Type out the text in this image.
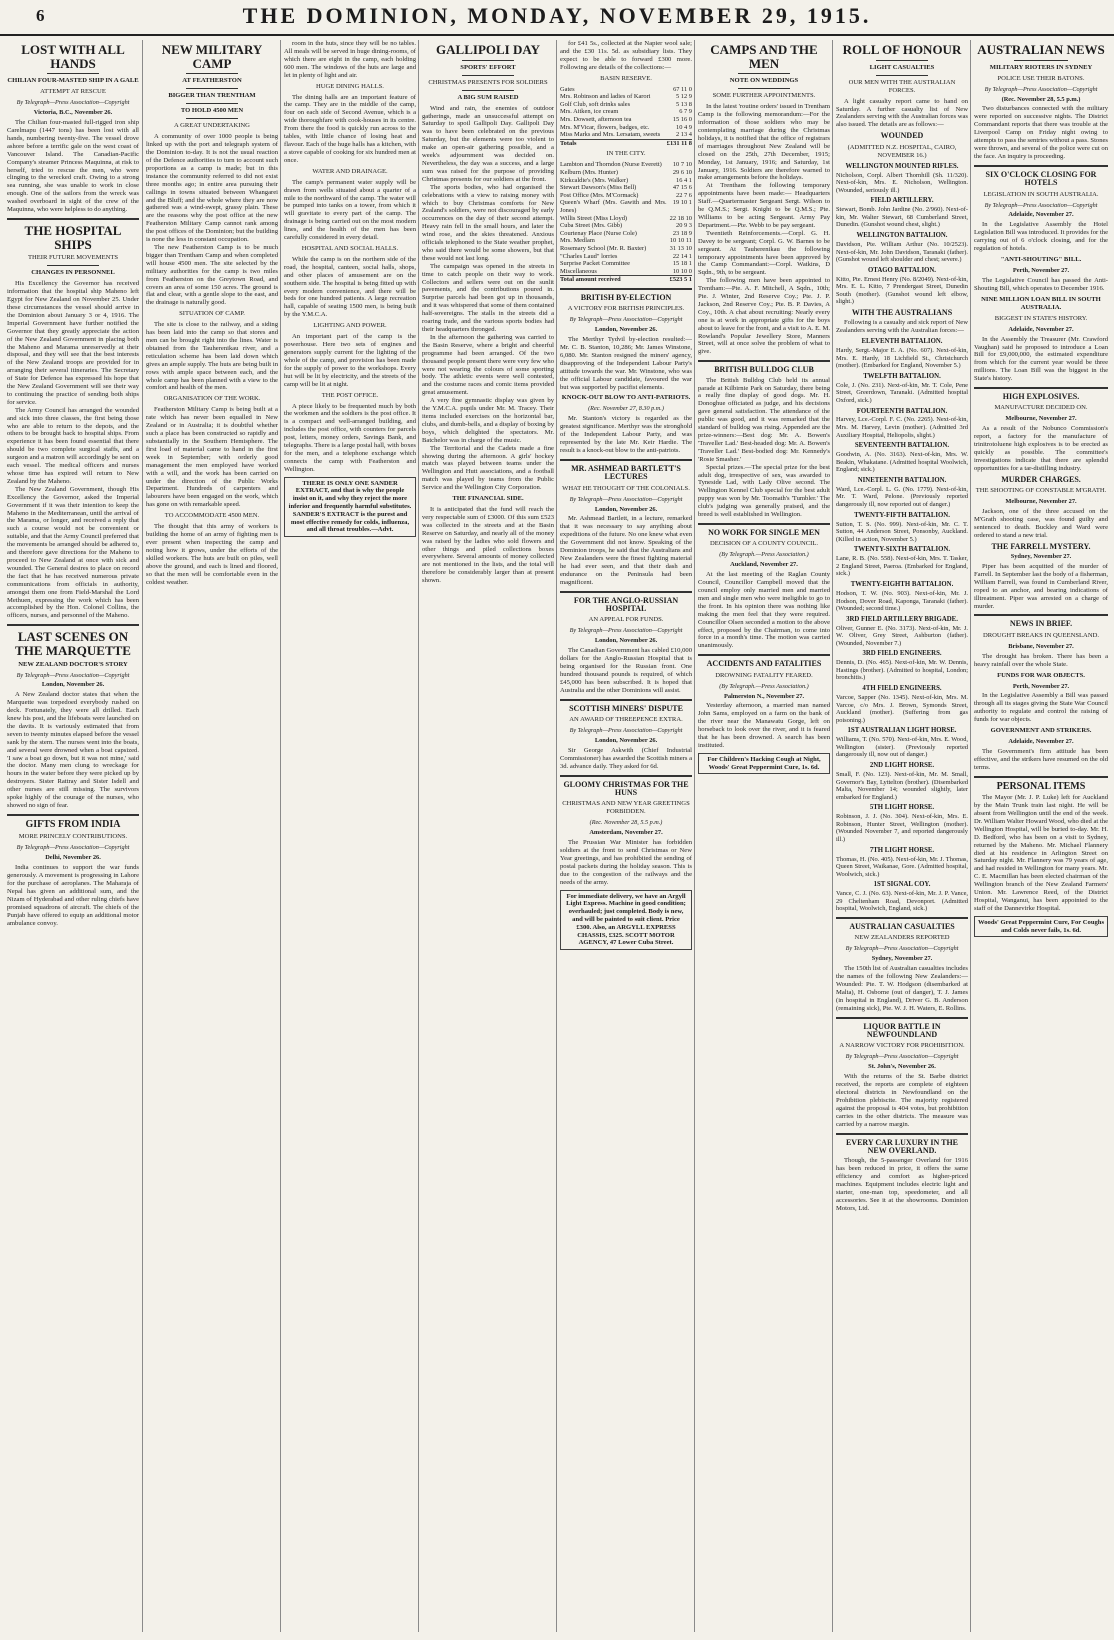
6	THE DOMINION, MONDAY, NOVEMBER 29, 1915.
LOST WITH ALL HANDS
CHILIAN FOUR-MASTED SHIP IN A GALE
ATTEMPT AT RESCUE
By Telegraph—Press Association—Copyright
Victoria, B.C., November 26.

The Chilian four-masted full-rigged iron ship Carelmapu (1447 tons) has been lost with all hands, numbering twenty-five. The vessel drove ashore before a terrific gale on the west coast of Vancouver Island. The Canadian-Pacific Company's steamer Princess Maquinna, at risk to herself, tried to rescue the men, who were clinging to the wrecked craft. Owing to a strong sea running, she was unable to work in close enough. One of the sailors from the wreck was washed overboard in sight of the crew of the Maquinna, who were helpless to do anything.

THE HOSPITAL SHIPS
THEIR FUTURE MOVEMENTS
CHANGES IN PERSONNEL

His Excellency the Governor has received information that the hospital ship Maheno left Egypt for New Zealand on November 25. Under these circumstances the vessel should arrive in the Dominion about January 3 or 4, 1916. The Imperial Government have further notified the Governor that they greatly appreciate the action of the New Zealand Government in placing both the Maheno and Marama unreservedly at their disposal, and they will see that the best interests of the New Zealand troops are provided for in arranging their several itineraries. The Secretary of State for Defence has expressed his hope that the New Zealand Government will see their way to continuing the practice of sending both ships for service.

The Army Council has arranged the wounded and sick into three classes, the first being those who are able to return to the depots, and the others to be brought back to hospital ships. From experience it has been found essential that there should be two complete surgical staffs, and a surgeon and a matron will accordingly be sent on each vessel. The medical officers and nurses whose time has expired will return to New Zealand by the Maheno.

The New Zealand Government, though His Excellency the Governor, asked the Imperial Government if it was their intention to keep the Maheno in the Mediterranean, until the arrival of the Marama, or longer, and received a reply that such a course would not be convenient or suitable, and that the Army Council preferred that the movements be arranged should be adhered to, and therefore gave directions for the Maheno to proceed to New Zealand at once with sick and wounded. The General desires to place on record the fact that he has received numerous private communications from officials in authority, amongst them one from Field-Marshal the Lord Methuen, expressing the work which has been accomplished by the Hon. Colonel Collins, the officers, nurses, and personnel of the Maheno.

LAST SCENES ON THE MARQUETTE
NEW ZEALAND DOCTOR'S STORY
By Telegraph—Press Association—Copyright
London, November 26.

A New Zealand doctor states that when the Marquette was torpedoed everybody rushed on deck. Fortunately, they were all drilled. Each knew his post, and the lifeboats were launched on the davits. It is variously estimated that from seven to twenty minutes elapsed before the vessel sank by the stern. The nurses went into the boats, and several were drowned when a boat capsized. 'I saw a boat go down, but it was not mine,' said the doctor. Many men clung to wreckage for hours in the water before they were picked up by destroyers. Sister Rattray and Sister Isdell and other nurses are still missing. The survivors spoke highly of the courage of the nurses, who showed no sign of fear.

GIFTS FROM INDIA
MORE PRINCELY CONTRIBUTIONS.
By Telegraph—Press Association—Copyright
Delhi, November 26.

India continues to support the war funds generously. A movement is progressing in Lahore for the purchase of aeroplanes. The Maharaja of Nepal has given an additional sum, and the Nizam of Hyderabad and other ruling chiefs have promised squadrons of aircraft. The chiefs of the Punjab have offered to equip an additional motor ambulance convoy.

NEW MILITARY CAMP
AT FEATHERSTON
BIGGER THAN TRENTHAM
TO HOLD 4500 MEN
A GREAT UNDERTAKING

A community of over 1000 people is being linked up with the port and telegraph system of the Dominion to-day. It is not the usual reaction of the Defence authorities to turn to account such proportions as a camp is made; but in this instance the community referred to did not exist three months ago; in entire area pursuing their callings in towns situated between Whangarei and the Bluff; and the whole where they are now gathered was a wind-swept, grassy plain. These are the reasons why the post office at the new Featherston Military Camp cannot rank among the post offices of the Dominion; but the building is none the less in constant occupation.

The new Featherston Camp is to be much bigger than Trentham Camp and when completed will house 4500 men. The site selected by the military authorities for the camp is two miles from Featherston on the Greytown Road, and covers an area of some 150 acres. The ground is flat and clear, with a gentle slope to the east, and the drainage is naturally good.

SITUATION OF CAMP.

The site is close to the railway, and a siding has been laid into the camp so that stores and men can be brought right into the lines. Water is obtained from the Tauherenikau river, and a reticulation scheme has been laid down which gives an ample supply. The huts are being built in rows with ample space between each, and the whole camp has been planned with a view to the comfort and health of the men.

ORGANISATION OF THE WORK.

Featherston Military Camp is being built at a rate which has never been equalled in New Zealand or in Australia; it is doubtful whether such a place has been constructed so rapidly and substantially in the Southern Hemisphere. The first load of material came to hand in the first week in September; with orderly good management the men employed have worked with a will, and the work has been carried on under the direction of the Public Works Department. Hundreds of carpenters and labourers have been engaged on the work, which has gone on with remarkable speed.

TO ACCOMMODATE 4500 MEN.

The thought that this army of workers is building the home of an army of fighting men is ever present when inspecting the camp and noting how it grows, under the efforts of the skilled workers. The huts are built on piles, well above the ground, and each is lined and floored, so that the men will be comfortable even in the coldest weather.

room in the huts, since they will be no tables. All meals will be served in huge dining-rooms, of which there are eight in the camp, each holding 600 men. The windows of the huts are large and let in plenty of light and air.

HUGE DINING HALLS.

The dining halls are an important feature of the camp. They are in the middle of the camp, four on each side of Second Avenue, which is a wide thoroughfare with cook-houses in its centre. From there the food is quickly run across to the tables, with little chance of losing heat and flavour. Each of the huge halls has a kitchen, with a stove capable of cooking for six hundred men at once.

WATER AND DRAINAGE.

The camp's permanent water supply will be drawn from wells situated about a quarter of a mile to the northward of the camp. The water will be pumped into tanks on a tower, from which it will gravitate to every part of the camp. The drainage is being carried out on the most modern lines, and the health of the men has been carefully considered in every detail.

HOSPITAL AND SOCIAL HALLS.

While the camp is on the northern side of the road, the hospital, canteen, social halls, shops, and other places of amusement are on the southern side. The hospital is being fitted up with every modern convenience, and there will be beds for one hundred patients. A large recreation hall, capable of seating 1500 men, is being built by the Y.M.C.A.

LIGHTING AND POWER.

An important part of the camp is the powerhouse. Here two sets of engines and generators supply current for the lighting of the whole of the camp, and provision has been made for the supply of power to the workshops. Every hut will be lit by electricity, and the streets of the camp will be lit at night.

THE POST OFFICE.

A piece likely to be frequented much by both the workmen and the soldiers is the post office. It is a compact and well-arranged building, and includes the post office, with counters for parcels post, letters, money orders, Savings Bank, and telegraphs. There is a large postal hall, with boxes for the men, and a telephone exchange which connects the camp with Featherston and Wellington.

THERE IS ONLY ONE SANDER EXTRACT, and that is why the people insist on it, and why they reject the more inferior and frequently harmful substitutes. SANDER'S EXTRACT is the purest and most effective remedy for colds, influenza, and all throat troubles.—Advt.
GALLIPOLI DAY
SPORTS' EFFORT
CHRISTMAS PRESENTS FOR SOLDIERS
A BIG SUM RAISED

Wind and rain, the enemies of outdoor gatherings, made an unsuccessful attempt on Saturday to spoil Gallipoli Day. Gallipoli Day was to have been celebrated on the previous Saturday, but the elements were too violent to make an open-air gathering possible, and a week's adjournment was decided on. Nevertheless, the day was a success, and a large sum was raised for the purpose of providing Christmas presents for our soldiers at the front.

The sports bodies, who had organised the celebrations with a view to raising money with which to buy Christmas comforts for New Zealand's soldiers, were not discouraged by early occurrences on the day of their second attempt. Heavy rain fell in the small hours, and later the wind rose, and the skies threatened. Anxious officials telephoned to the State weather prophet, who said there would be some showers, but that these would not last long.

The campaign was opened in the streets in time to catch people on their way to work. Collectors and sellers were out on the sunlit pavements, and the contributions poured in. Surprise parcels had been got up in thousands, and it was whispered that some of them contained half-sovereigns. The stalls in the streets did a roaring trade, and the various sports bodies had their headquarters thronged.

In the afternoon the gathering was carried to the Basin Reserve, where a bright and cheerful programme had been arranged. Of the two thousand people present there were very few who were not wearing the colours of some sporting body. The athletic events were well contested, and the costume races and comic items provided great amusement.

A very fine gymnastic display was given by the Y.M.C.A. pupils under Mr. M. Tracey. Their items included exercises on the horizontal bar, clubs, and dumb-bells, and a display of boxing by boys, which delighted the spectators. Mr. Batchelor was in charge of the music.

The Territorial and the Cadets made a fine showing during the afternoon. A girls' hockey match was played between teams under the Wellington and Hutt associations, and a football match was played by teams from the Public Service and the Wellington City Corporation.

THE FINANCIAL SIDE.

It is anticipated that the fund will reach the very respectable sum of £3000. Of this sum £523 was collected in the streets and at the Basin Reserve on Saturday, and nearly all of the money was raised by the ladies who sold flowers and other things and piled collections boxes everywhere. Several amounts of money collected are not mentioned in the lists, and the total will therefore be considerably larger than at present shown.

for £41 5s., collected at the Napier wool sale; and the £30 11s. 5d. as subsidiary lists. They expect to be able to forward £300 more. Following are details of the collections:—

BASIN RESERVE.
Gates	67 11 0
Mrs. Robinson and ladies of Karori	5 12 9
Golf Club, soft drinks sales	5 13 8
Mrs. Aitken, ice cream	6 7 9
Mrs. Dowsett, afternoon tea	15 16 0
Mrs. M'Vicar, flowers, badges, etc.	10 4 9
Miss Marks and Mrs. Lersatam, sweets	2 13 4
Totals	£131 11 8
IN THE CITY.
Lambton and Thorndon (Nurse Everett)	10 7 10
Kelburn (Mrs. Hunter)	29 6 10
Kirkcaldie's (Mrs. Walker)	16 4 1
Stewart Dawson's (Miss Bell)	47 15 6
Post Office (Mrs. M'Cormack)	22 7 6
Queen's Wharf (Mrs. Gawith and Mrs. Jones)	19 10 1
Willis Street (Miss Lloyd)	22 18 10
Cuba Street (Mrs. Gibb)	20 9 3
Courtenay Place (Nurse Cole)	23 18 9
Mrs. Medlam	10 10 11
Rosemary School (Mr. R. Baxter)	31 13 10
"Charles Laud" lorries	22 14 1
Surprise Packet Committee	15 18 1
Miscellaneous	10 10 0
Total amount received	£523 5 1
BRITISH BY-ELECTION
A VICTORY FOR BRITISH PRINCIPLES.
By Telegraph—Press Association—Copyright
London, November 26.

The Merthyr Tydvil by-election resulted:— Mr. C. B. Stanton, 10,286; Mr. James Winstone, 6,080. Mr. Stanton resigned the miners' agency, disapproving of the Independent Labour Party's attitude towards the war. Mr. Winstone, who was the official Labour candidate, favoured the war but was supported by pacifist elements.

KNOCK-OUT BLOW TO ANTI-PATRIOTS.
(Rec. November 27, 8.30 p.m.)

Mr. Stanton's victory is regarded as the greatest significance. Merthyr was the stronghold of the Independent Labour Party, and was represented by the late Mr. Keir Hardie. The result is a knock-out blow to the anti-patriots.

MR. ASHMEAD BARTLETT'S LECTURES
WHAT HE THOUGHT OF THE COLONIALS.
By Telegraph—Press Association—Copyright
London, November 26.

Mr. Ashmead Bartlett, in a lecture, remarked that it was necessary to say anything about expeditions of the future. No one knew what even the Government did not know. Speaking of the Dominion troops, he said that the Australians and New Zealanders were the finest fighting material he had ever seen, and that their dash and endurance on the Peninsula had been magnificent.

FOR THE ANGLO-RUSSIAN HOSPITAL
AN APPEAL FOR FUNDS.
By Telegraph—Press Association—Copyright
London, November 26.

The Canadian Government has cabled £10,000 dollars for the Anglo-Russian Hospital that is being organised for the Russian front. One hundred thousand pounds is required, of which £45,000 has been subscribed. It is hoped that Australia and the other Dominions will assist.

SCOTTISH MINERS' DISPUTE
AN AWARD OF THREEPENCE EXTRA.
By Telegraph—Press Association—Copyright
London, November 26.

Sir George Askwith (Chief Industrial Commissioner) has awarded the Scottish miners a 3d. advance daily. They asked for 6d.

GLOOMY CHRISTMAS FOR THE HUNS
CHRISTMAS AND NEW YEAR GREETINGS FORBIDDEN.
(Rec. November 28, 5.5 p.m.)
Amsterdam, November 27.

The Prussian War Minister has forbidden soldiers at the front to send Christmas or New Year greetings, and has prohibited the sending of postal packets during the holiday season. This is due to the congestion of the railways and the needs of the army.

For immediate delivery, we have an Argyll Light Express. Machine in good condition; overhauled; just completed. Body is new, and will be painted to suit client. Price £300. Also, an ARGYLL EXPRESS CHASSIS, £325. SCOTT MOTOR AGENCY, 47 Lower Cuba Street.
CAMPS AND THE MEN
NOTE ON WEDDINGS
SOME FURTHER APPOINTMENTS.

In the latest 'routine orders' issued in Trentham Camp is the following memorandum:—For the information of those soldiers who may be contemplating marriage during the Christmas holidays, it is notified that the office of registrars of marriages throughout New Zealand will be closed on the 25th, 27th December, 1915; Monday, 1st January, 1916; and Saturday, 1st January, 1916. Soldiers are therefore warned to make arrangements before the holidays.

At Trentham the following temporary appointments have been made:— Headquarters Staff.—Quartermaster Sergeant Sergt. Wilson to be Q.M.S.; Sergt. Knight to be Q.M.S.; Pte. Williams to be acting Sergeant. Army Pay Department.—Pte. Webb to be pay sergeant.

Twentieth Reinforcements.—Corpl. G. H. Davey to be sergeant; Corpl. G. W. Barnes to be sergeant. At Tauherenikau the following temporary appointments have been approved by the Camp Commandant:—Corpl. Watkins, D Sqdn., 9th, to be sergeant.

The following men have been appointed to Trentham:—Pte. A. F. Mitchell, A Sqdn., 10th; Pte. J. Winter, 2nd Reserve Coy.; Pte. J. P. Jackson, 2nd Reserve Coy.; Pte. B. P. Davies, A Coy., 10th. A chat about recruiting: Nearly every one is at work in appropriate gifts for the boys about to leave for the front, and a visit to A. E. M. Rowland's Popular Jewellery Store, Manners Street, will at once solve the problem of what to give.

BRITISH BULLDOG CLUB

The British Bulldog Club held its annual parade at Kilbirnie Park on Saturday, there being a really fine display of good dogs. Mr. H. Donoghue officiated as judge, and his decisions gave general satisfaction. The attendance of the public was good, and it was remarked that the standard of bulldog was rising. Appended are the prize-winners:—Best dog: Mr. A. Bowen's 'Traveller Lad.' Best-headed dog: Mr. A. Bowen's 'Traveller Lad.' Best-bodied dog: Mr. Kennedy's 'Rosie Smasher.'

Special prizes.—The special prize for the best adult dog, irrespective of sex, was awarded to Tyneside Lad, with Lady Olive second. The Wellington Kennel Club special for the best adult puppy was won by Mr. Toomath's 'Tumbler.' The club's judging was generally praised, and the breed is well established in Wellington.

NO WORK FOR SINGLE MEN
DECISION OF A COUNTY COUNCIL.
(By Telegraph.—Press Association.)
Auckland, November 27.

At the last meeting of the Raglan County Council, Councillor Campbell moved that the council employ only married men and married men and single men who were ineligible to go to the front. In his opinion there was nothing like making the men feel that they were required. Councillor Olsen seconded a motion to the above effect, proposed by the Chairman, to come into force in a month's time. The motion was carried unanimously.

ACCIDENTS AND FATALITIES
DROWNING FATALITY FEARED.
(By Telegraph.—Press Association.)
Palmerston N., November 27.

Yesterday afternoon, a married man named John Sams, employed on a farm on the bank of the river near the Manawatu Gorge, left on horseback to look over the river, and it is feared that he has been drowned. A search has been instituted.

For Children's Hacking Cough at Night, Woods' Great Peppermint Cure, 1s. 6d.
ROLL OF HONOUR
LIGHT CASUALTIES
OUR MEN WITH THE AUSTRALIAN FORCES.

A light casualty report came to hand on Saturday. A further casualty list of New Zealanders serving with the Australian forces was also issued. The details are as follows:—

WOUNDED
(ADMITTED N.Z. HOSPITAL, CAIRO, NOVEMBER 16.)
WELLINGTON MOUNTED RIFLES.
Nicholson, Corpl. Albert Thornhill (Sh. 11/320). Next-of-kin, Mrs. E. Nicholson, Wellington. (Wounded, seriously ill.)
FIELD ARTILLERY.
Stewart, Bomb. John Jardine (No. 2/960). Next-of-kin, Mr. Walter Stewart, 68 Cumberland Street, Dunedin. (Gunshot wound chest, slight.)
WELLINGTON BATTALION.
Davidson, Pte. William Arthur (No. 10/2523). Next-of-kin, Mr. John Davidson, Taranaki (father). (Gunshot wound left shoulder and chest; severe.)
OTAGO BATTALION.
Kitto, Pte. Ernest Henry (No. 8/2049). Next-of-kin, Mrs. E. L. Kitto, 7 Prendergast Street, Dunedin South (mother). (Gunshot wound left elbow, slight.)
WITH THE AUSTRALIANS

Following is a casualty and sick report of New Zealanders serving with the Australian forces:—

ELEVENTH BATTALION.
Hardy, Sergt.-Major E. A. (No. 607). Next-of-kin, Mrs. E. Hardy, 18 Lichfield St., Christchurch (mother). (Embarked for England, November 5.)
TWELFTH BATTALION.
Cole, J. (No. 231). Next-of-kin, Mr. T. Cole, Pene Street, Greerdown, Taranaki. (Admitted hospital Oxford, sick.)
FOURTEENTH BATTALION.
Harvey, Lce.-Corpl. F. C. (No. 2265). Next-of-kin, Mrs. M. Harvey, Levin (mother). (Admitted 3rd Auxiliary Hospital, Heliopolis, slight.)
SEVENTEENTH BATTALION.
Goodwin, A. (No. 3163). Next-of-kin, Mrs. W. Beakin, Whakatane. (Admitted hospital Woolwich, England; sick.)
NINETEENTH BATTALION.
Ward, Lce.-Corpl. L. G. (No. 1779). Next-of-kin, Mr. T. Ward, Pelone. (Previously reported dangerously ill, now reported out of danger.)
TWENTY-FIFTH BATTALION.
Sutton, T. S. (No. 999). Next-of-kin, Mr. C. T. Sutton, 44 Anderson Street, Ponsonby, Auckland. (Killed in action, November 5.)
TWENTY-SIXTH BATTALION.
Lane, R. B. (No. 558). Next-of-kin, Mrs. T. Tasker, 2 England Street, Paeroa. (Embarked for England, sick.)
TWENTY-EIGHTH BATTALION.
Hodson, T. W. (No. 903). Next-of-kin, Mr. J. Hodson, Dover Road, Kaponga, Taranaki (father). (Wounded; second time.)
3RD FIELD ARTILLERY BRIGADE.
Oliver, Gunner E. (No. 3173). Next-of-kin, Mr. J. W. Oliver, Grey Street, Ashburton (father). (Wounded, November 7.)
3RD FIELD ENGINEERS.
Dennis, D. (No. 465). Next-of-kin, Mr. W. Dennis, Hastings (brother). (Admitted to hospital, London; bronchitis.)
4TH FIELD ENGINEERS.
Varcoe, Sapper (No. 1345). Next-of-kin, Mrs. M. Varcoe, c/o Mrs. J. Brown, Symonds Street, Auckland (mother). (Suffering from gas poisoning.)
1ST AUSTRALIAN LIGHT HORSE.
Williams, T. (No. 570). Next-of-kin, Mrs. E. Wood, Wellington (sister). (Previously reported dangerously ill, now out of danger.)
2ND LIGHT HORSE.
Small, F. (No. 123). Next-of-kin, Mr. M. Small, Governor's Bay, Lyttelton (brother). (Disembarked Malta, November 14; wounded slightly, later embarked for England.)
5TH LIGHT HORSE.
Robinson, J. J. (No. 304). Next-of-kin, Mrs. E. Robinson, Hunter Street, Wellington (mother). (Wounded November 7, and reported dangerously ill.)
7TH LIGHT HORSE.
Thomas, H. (No. 405). Next-of-kin, Mr. J. Thomas, Queen Street, Waikanae, Gore. (Admitted hospital, Woolwich, sick.)
1ST SIGNAL COY.
Vance, C. J. (No. 63). Next-of-kin, Mr. J. P. Vance, 29 Cheltenham Road, Devonport. (Admitted hospital, Woolwich, England, sick.)
AUSTRALIAN CASUALTIES
NEW ZEALANDERS REPORTED
By Telegraph—Press Association—Copyright
Sydney, November 27.

The 150th list of Australian casualties includes the names of the following New Zealanders:—Wounded: Pte. T. W. Hodgson (disembarked at Malta), H. Osborne (out of danger), T. J. James (in hospital in England), Driver G. B. Anderson (remaining sick), Pte. W. J. H. Waters, E. Rollins.

LIQUOR BATTLE IN NEWFOUNDLAND
A NARROW VICTORY FOR PROHIBITION.
By Telegraph—Press Association—Copyright
St. John's, November 26.

With the returns of the St. Barbe district received, the reports are complete of eighteen electoral districts in Newfoundland on the Prohibition plebiscite. The majority registered against the proposal is 404 votes, but prohibition carries in the other districts. The measure was carried by a narrow margin.

EVERY CAR LUXURY IN THE NEW OVERLAND.

Though, the 5-passenger Overland for 1916 has been reduced in price, it offers the same efficiency and comfort as higher-priced machines. Equipment includes electric light and starter, one-man top, speedometer, and all accessories. See it at the showrooms. Dominion Motors, Ltd.

AUSTRALIAN NEWS
MILITARY RIOTERS IN SYDNEY
POLICE USE THEIR BATONS.
By Telegraph—Press Association—Copyright
(Rec. November 28, 5.5 p.m.)

Two disturbances connected with the military were reported on successive nights. The District Commandant reports that there was trouble at the Liverpool Camp on Friday night owing to attempts to pass the sentries without a pass. Stones were thrown, and several of the police were cut on the face. An inquiry is proceeding.

SIX O'CLOCK CLOSING FOR HOTELS
LEGISLATION IN SOUTH AUSTRALIA.
By Telegraph—Press Association—Copyright
Adelaide, November 27.

In the Legislative Assembly the Hotel Legislation Bill was introduced. It provides for the carrying out of 6 o'clock closing, and for the regulation of hotels.

"ANTI-SHOUTING" BILL.
Perth, November 27.

The Legislative Council has passed the Anti-Shouting Bill, which operates to December 1916.

NINE MILLION LOAN BILL IN SOUTH AUSTRALIA.
BIGGEST IN STATE'S HISTORY.
Adelaide, November 27.

In the Assembly the Treasurer (Mr. Crawford Vaughan) said he proposed to introduce a Loan Bill for £9,000,000, the estimated expenditure from which for the current year would be three millions. The Loan Bill was the biggest in the State's history.

HIGH EXPLOSIVES.
MANUFACTURE DECIDED ON.
Melbourne, November 27.

As a result of the Nobunco Commission's report, a factory for the manufacture of trinitrotoluene high explosives is to be erected as quickly as possible. The committee's investigations indicate that there are splendid opportunities for a tar-distilling industry.

MURDER CHARGES.
THE SHOOTING OF CONSTABLE M'GRATH.
Melbourne, November 27.

Jackson, one of the three accused on the M'Grath shooting case, was found guilty and sentenced to death. Buckley and Ward were ordered to stand a new trial.

THE FARRELL MYSTERY.
Sydney, November 27.

Piper has been acquitted of the murder of Farrell. In September last the body of a fisherman, William Farrell, was found in Cumberland River, roped to an anchor, and bearing indications of illtreatment. Piper was arrested on a charge of murder.

NEWS IN BRIEF.
DROUGHT BREAKS IN QUEENSLAND.
Brisbane, November 27.

The drought has broken. There has been a heavy rainfall over the whole State.

FUNDS FOR WAR OBJECTS.
Perth, November 27.

In the Legislative Assembly a Bill was passed through all its stages giving the State War Council authority to regulate and control the raising of funds for war objects.

GOVERNMENT AND STRIKERS.
Adelaide, November 27.

The Government's firm attitude has been effective, and the strikers have resumed on the old terms.

PERSONAL ITEMS

The Mayor (Mr. J. P. Luke) left for Auckland by the Main Trunk train last night. He will be absent from Wellington until the end of the week. Dr. William Walter Howard Wood, who died at the Wellington Hospital, will be buried to-day. Mr. H. D. Bedford, who has been on a visit to Sydney, returned by the Maheno. Mr. Michael Flannery died at his residence in Arlington Street on Saturday night. Mr. Flannery was 79 years of age, and had resided in Wellington for many years. Mr. C. E. Macmillan has been elected chairman of the Wellington branch of the New Zealand Farmers' Union. Mr. Lawrence Reed, of the District Hospital, Wanganui, has been appointed to the staff of the Dannevirke Hospital.

Woods' Great Peppermint Cure, For Coughs and Colds never fails, 1s. 6d.
